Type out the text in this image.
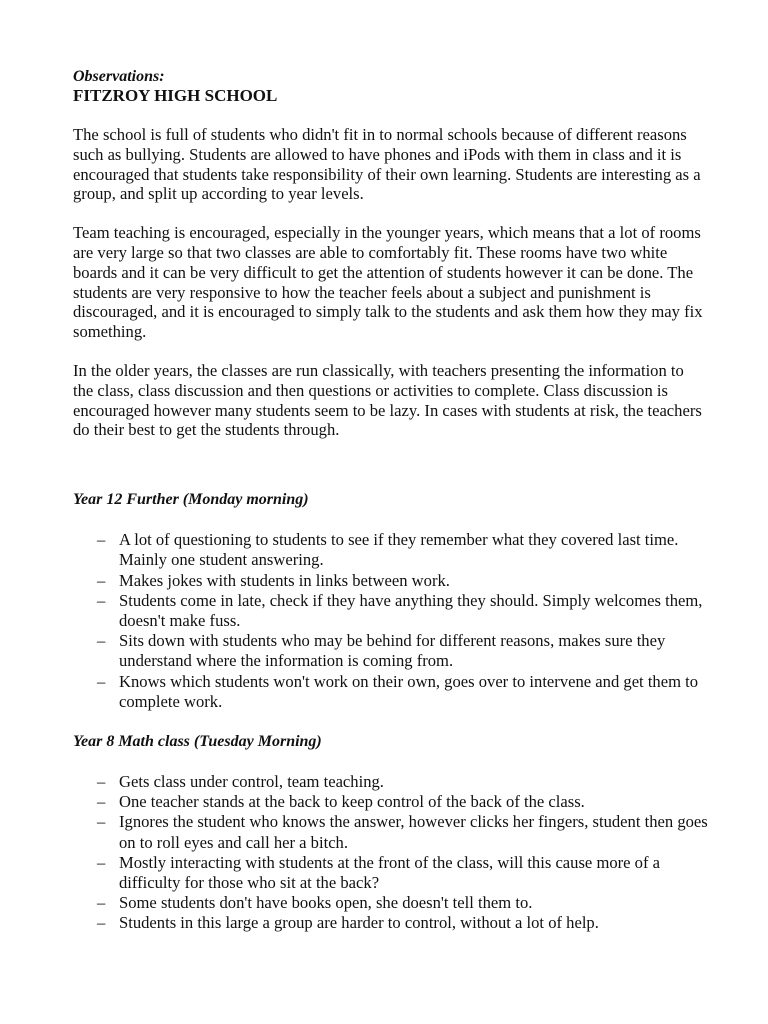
Observations:

FITZROY HIGH SCHOOL

The school is full of students who didn't fit in to normal schools because of different reasons such as bullying. Students are allowed to have phones and iPods with them in class and it is encouraged that students take responsibility of their own learning. Students are interesting as a group, and split up according to year levels.

Team teaching is encouraged, especially in the younger years, which means that a lot of rooms are very large so that two classes are able to comfortably fit. These rooms have two white boards and it can be very difficult to get the attention of students however it can be done. The students are very responsive to how the teacher feels about a subject and punishment is discouraged, and it is encouraged to simply talk to the students and ask them how they may fix something.

In the older years, the classes are run classically, with teachers presenting the information to the class, class discussion and then questions or activities to complete. Class discussion is encouraged however many students seem to be lazy. In cases with students at risk, the teachers do their best to get the students through.

Year 12 Further (Monday morning)
– A lot of questioning to students to see if they remember what they covered last time. Mainly one student answering.
– Makes jokes with students in links between work.
– Students come in late, check if they have anything they should. Simply welcomes them, doesn't make fuss.
– Sits down with students who may be behind for different reasons, makes sure they understand where the information is coming from.
– Knows which students won't work on their own, goes over to intervene and get them to complete work.
Year 8 Math class (Tuesday Morning)
– Gets class under control, team teaching.
– One teacher stands at the back to keep control of the back of the class.
– Ignores the student who knows the answer, however clicks her fingers, student then goes on to roll eyes and call her a bitch.
– Mostly interacting with students at the front of the class, will this cause more of a difficulty for those who sit at the back?
– Some students don't have books open, she doesn't tell them to.
– Students in this large a group are harder to control, without a lot of help.
